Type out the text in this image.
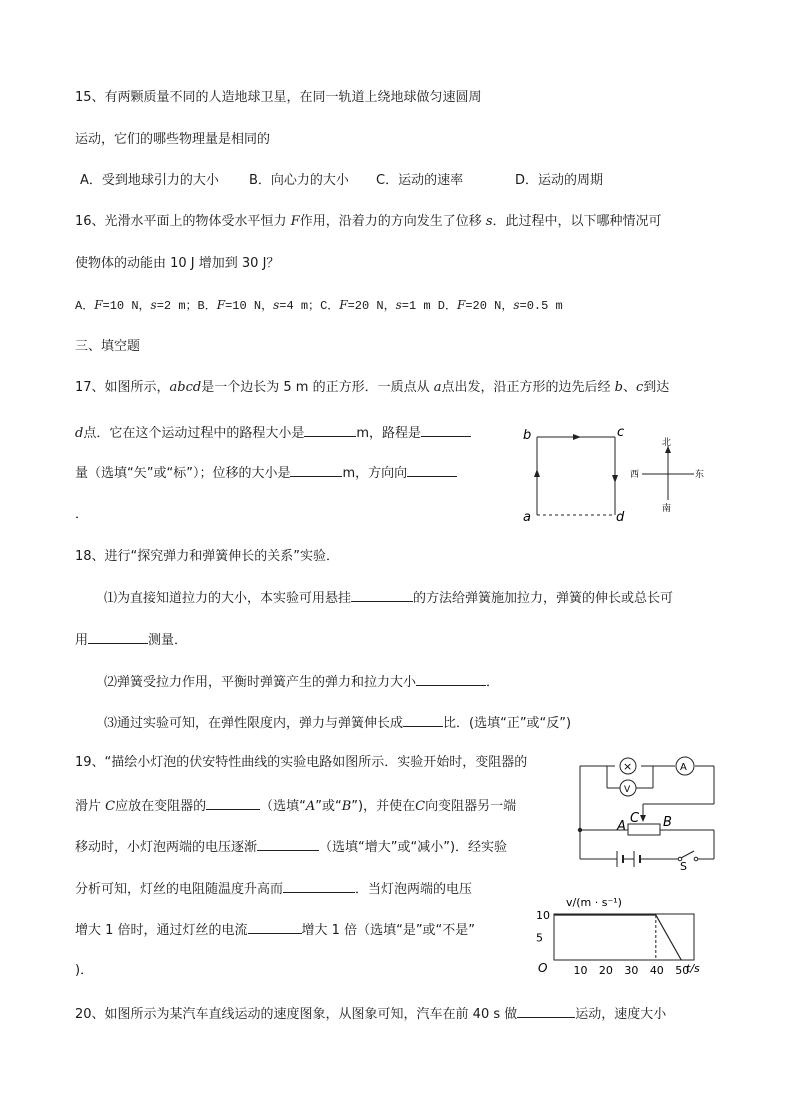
15、有两颗质量不同的人造地球卫星，在同一轨道上绕地球做匀速圆周
运动，它们的哪些物理量是相同的
A．受到地球引力的大小 B．向心力的大小 C．运动的速率	D．运动的周期
16、光滑水平面上的物体受水平恒力 F作用，沿着力的方向发生了位移 s．此过程中，以下哪种情况可
使物体的动能由 10 J 增加到 30 J？
A．F=10 N，s=2 m；B．F=10 N，s=4 m；C．F=20 N，s=1 m D．F=20 N，s=0.5 m
三、填空题
17、如图所示，abcd是一个边长为 5 m 的正方形．一质点从 a点出发，沿正方形的边先后经 b、c到达
d点．它在这个运动过程中的路程大小是	m，路程是
量（选填“矢”或“标”）；位移的大小是	m，方向向
．
b	c
a	d
北
南
西	东
18、进行“探究弹力和弹簧伸长的关系”实验．
⑴为直接知道拉力的大小，本实验可用悬挂	的方法给弹簧施加拉力，弹簧的伸长或总长可
用	测量．
⑵弹簧受拉力作用，平衡时弹簧产生的弹力和拉力大小	．
⑶通过实验可知，在弹性限度内，弹力与弹簧伸长成	比．(选填“正”或“反”)
19、“描绘小灯泡的伏安特性曲线的实验电路如图所示．实验开始时，变阻器的
滑片 C应放在变阻器的	（选填“A”或“B”)，并使在C向变阻器另一端
移动时，小灯泡两端的电压逐渐	（选填“增大”或“减小”)．经实验
分析可知，灯丝的电阻随温度升高而	．当灯泡两端的电压
增大 1 倍时，通过灯丝的电流	增大 1 倍（选填“是”或“不是”
)．
×
V
A
A
C B
S
v/(m · s⁻¹)
O	t/s
10 20 30 40 50
5
10
20、如图所示为某汽车直线运动的速度图象，从图象可知，汽车在前 40 s 做	运动，速度大小
